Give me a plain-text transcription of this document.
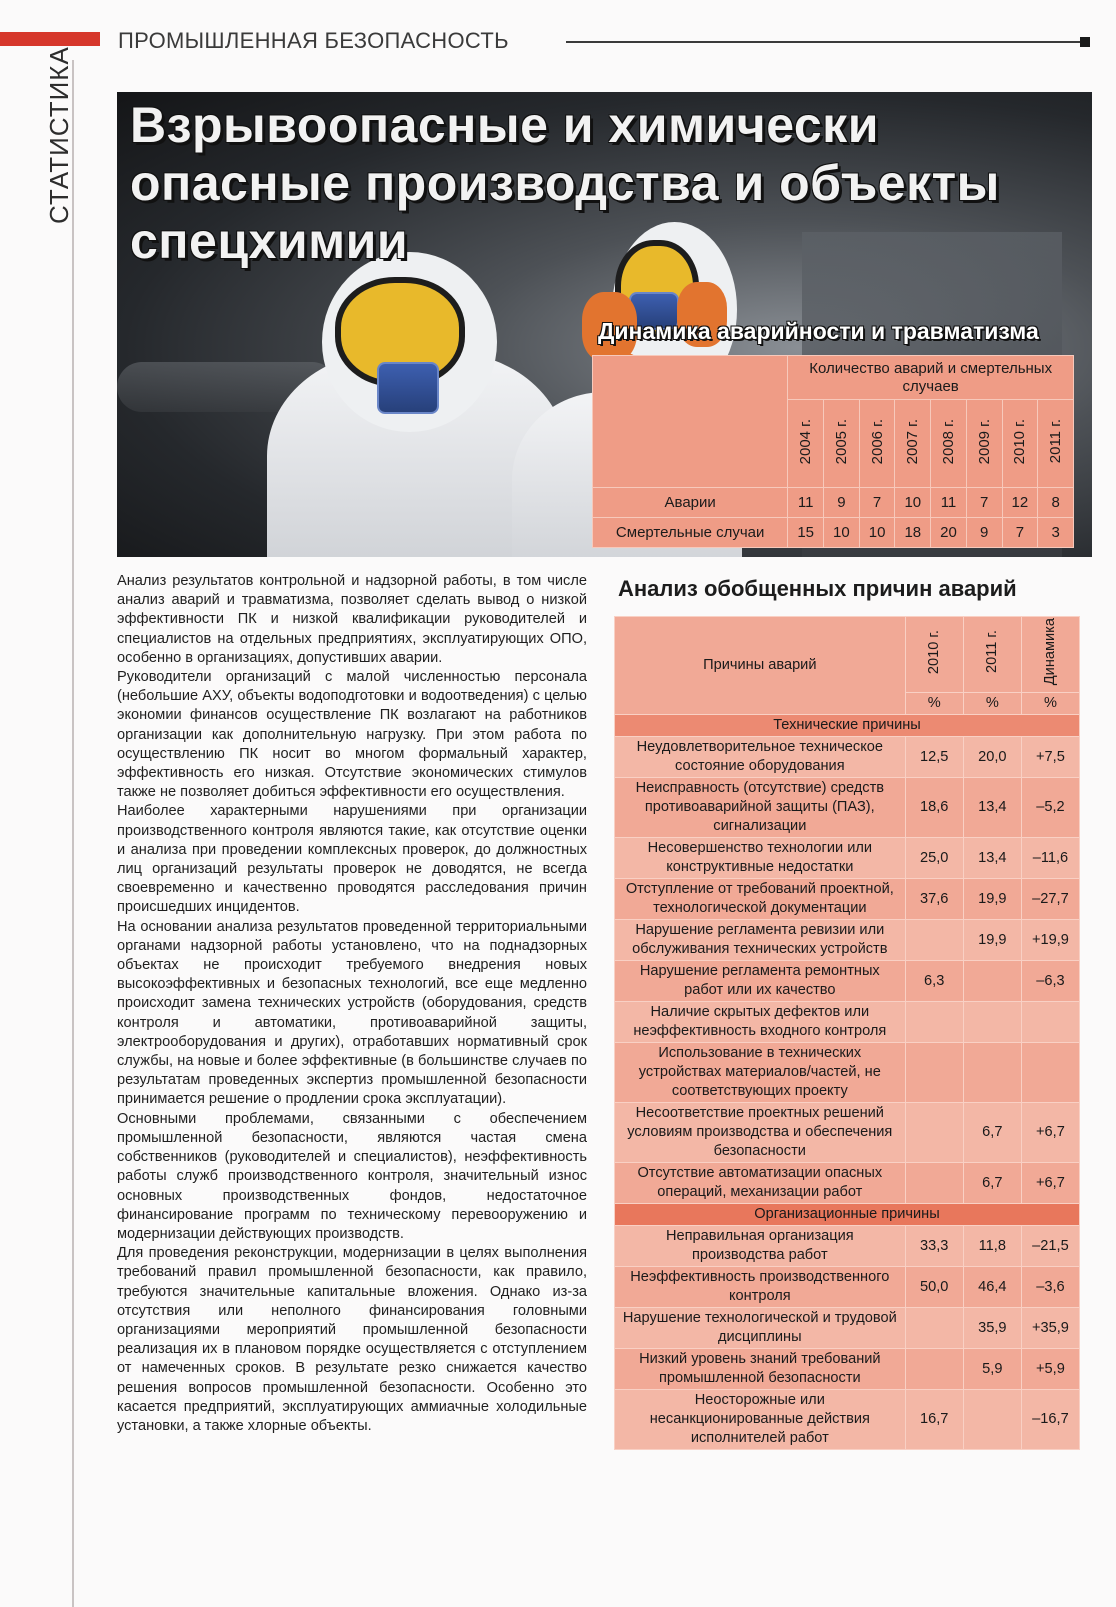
СТАТИСТИКА
ПРОМЫШЛЕННАЯ БЕЗОПАСНОСТЬ
Взрывоопасные и химически опасные производства и объекты спецхимии
Динамика аварийности и травматизма
	Количество аварий и смертельных случаев							
	2004 г.	2005 г.	2006 г.	2007 г.	2008 г.	2009 г.	2010 г.	2011 г.
Аварии	11	9	7	10	11	7	12	8
Смертельные случаи	15	10	10	18	20	9	7	3

Анализ результатов контрольной и надзорной работы, в том числе анализ аварий и травматизма, позволяет сделать вывод о низкой эффективности ПК и низкой квалификации руководителей и специалистов на отдельных предприятиях, эксплуатирующих ОПО, особенно в организациях, допустивших аварии.

Руководители организаций с малой численностью персонала (небольшие АХУ, объекты водоподготовки и водоотведения) с целью экономии финансов осуществление ПК возлагают на работников организации как дополнительную нагрузку. При этом работа по осуществлению ПК носит во многом формальный характер, эффективность его низкая. Отсутствие экономических стимулов также не позволяет добиться эффективности его осуществления.

Наиболее характерными нарушениями при организации производственного контроля являются такие, как отсутствие оценки и анализа при проведении комплексных проверок, до должностных лиц организаций результаты проверок не доводятся, не всегда своевременно и качественно проводятся расследования причин происшедших инцидентов.

На основании анализа результатов проведенной территориальными органами надзорной работы установлено, что на поднадзорных объектах не происходит требуемого внедрения новых высокоэффективных и безопасных технологий, все еще медленно происходит замена технических устройств (оборудования, средств контроля и автоматики, противоаварийной защиты, электрооборудования и других), отработавших нормативный срок службы, на новые и более эффективные (в большинстве случаев по результатам проведенных экспертиз промышленной безопасности принимается решение о продлении срока эксплуатации).

Основными проблемами, связанными с обеспечением промышленной безопасности, являются частая смена собственников (руководителей и специалистов), неэффективность работы служб производственного контроля, значительный износ основных производственных фондов, недостаточное финансирование программ по техническому перевооружению и модернизации действующих производств.

Для проведения реконструкции, модернизации в целях выполнения требований правил промышленной безопасности, как правило, требуются значительные капитальные вложения. Однако из-за отсутствия или неполного финансирования головными организациями мероприятий промышленной безопасности реализация их в плановом порядке осуществляется с отступлением от намеченных сроков. В результате резко снижается качество решения вопросов промышленной безопасности. Особенно это касается предприятий, эксплуатирующих аммиачные холодильные установки, а также хлорные объекты.

Анализ обобщенных причин аварий
Причины аварий	2010 г.	2011 г.	Динамика
	%	%	%
Технические причины			
Неудовлетворительное техническое состояние оборудования	12,5	20,0	+7,5
Неисправность (отсутствие) средств противоаварийной защиты (ПАЗ), сигнализации	18,6	13,4	–5,2
Несовершенство технологии или конструктивные недостатки	25,0	13,4	–11,6
Отступление от требований проектной, технологической документации	37,6	19,9	–27,7
Нарушение регламента ревизии или обслуживания технических устройств		19,9	+19,9
Нарушение регламента ремонтных работ или их качество	6,3		–6,3
Наличие скрытых дефектов или неэффективность входного контроля			
Использование в технических устройствах материалов/частей, не соответствующих проекту			
Несоответствие проектных решений условиям производства и обеспечения безопасности		6,7	+6,7
Отсутствие автоматизации опасных операций, механизации работ		6,7	+6,7
Организационные причины			
Неправильная организация производства работ	33,3	11,8	–21,5
Неэффективность производственного контроля	50,0	46,4	–3,6
Нарушение технологической и трудовой дисциплины		35,9	+35,9
Низкий уровень знаний требований промышленной безопасности		5,9	+5,9
Неосторожные или несанкционированные действия исполнителей работ	16,7		–16,7
